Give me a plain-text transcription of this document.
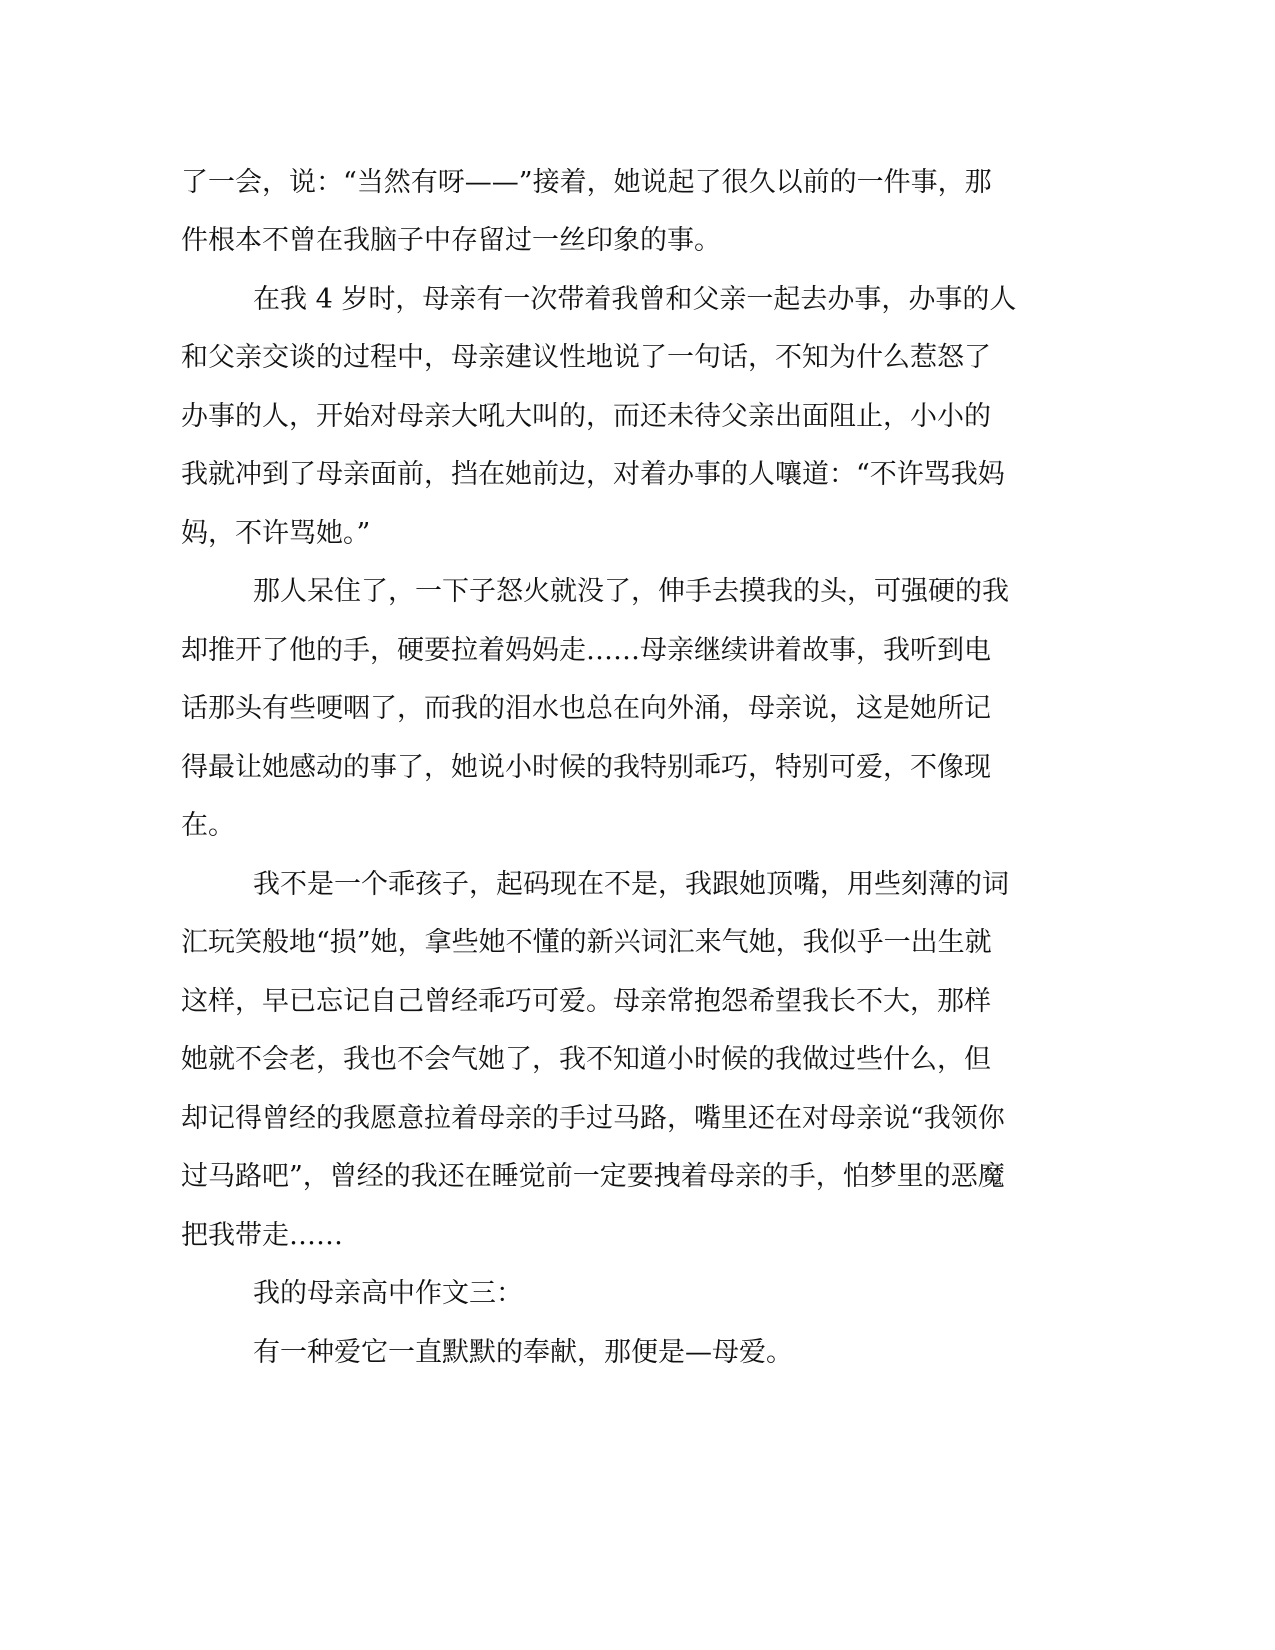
了一会，说：“当然有呀——”接着，她说起了很久以前的一件事，那
件根本不曾在我脑子中存留过一丝印象的事。
在我 4 岁时，母亲有一次带着我曾和父亲一起去办事，办事的人
和父亲交谈的过程中，母亲建议性地说了一句话，不知为什么惹怒了
办事的人，开始对母亲大吼大叫的，而还未待父亲出面阻止，小小的
我就冲到了母亲面前，挡在她前边，对着办事的人嚷道：“不许骂我妈
妈，不许骂她。”
那人呆住了，一下子怒火就没了，伸手去摸我的头，可强硬的我
却推开了他的手，硬要拉着妈妈走……母亲继续讲着故事，我听到电
话那头有些哽咽了，而我的泪水也总在向外涌，母亲说，这是她所记
得最让她感动的事了，她说小时候的我特别乖巧，特别可爱，不像现
在。
我不是一个乖孩子，起码现在不是，我跟她顶嘴，用些刻薄的词
汇玩笑般地“损”她，拿些她不懂的新兴词汇来气她，我似乎一出生就
这样，早已忘记自己曾经乖巧可爱。母亲常抱怨希望我长不大，那样
她就不会老，我也不会气她了，我不知道小时候的我做过些什么，但
却记得曾经的我愿意拉着母亲的手过马路，嘴里还在对母亲说“我领你
过马路吧”，曾经的我还在睡觉前一定要拽着母亲的手，怕梦里的恶魔
把我带走……
我的母亲高中作文三：
有一种爱它一直默默的奉献，那便是—母爱。
